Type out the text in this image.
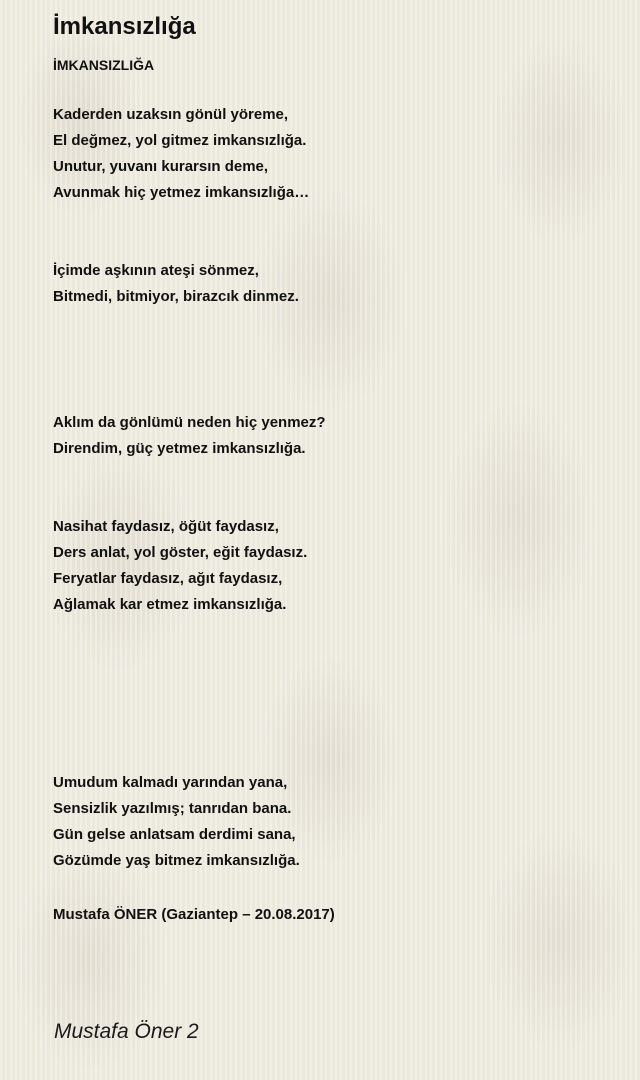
İmkansızlığa
İMKANSIZLIĞA
Kaderden uzaksın gönül yöreme,
El değmez, yol gitmez imkansızlığa.
Unutur, yuvanı kurarsın deme,
Avunmak hiç yetmez imkansızlığa…
İçimde aşkının ateşi sönmez,
Bitmedi, bitmiyor, birazcık dinmez.
Aklım da gönlümü neden hiç yenmez?
Direndim, güç yetmez imkansızlığa.
Nasihat faydasız, öğüt faydasız,
Ders anlat, yol göster, eğit faydasız.
Feryatlar faydasız, ağıt faydasız,
Ağlamak kar etmez imkansızlığa.
Umudum kalmadı yarından yana,
Sensizlik yazılmış; tanrıdan bana.
Gün gelse anlatsam derdimi sana,
Gözümde yaş bitmez imkansızlığa.
Mustafa ÖNER (Gaziantep – 20.08.2017)
Mustafa Öner 2
